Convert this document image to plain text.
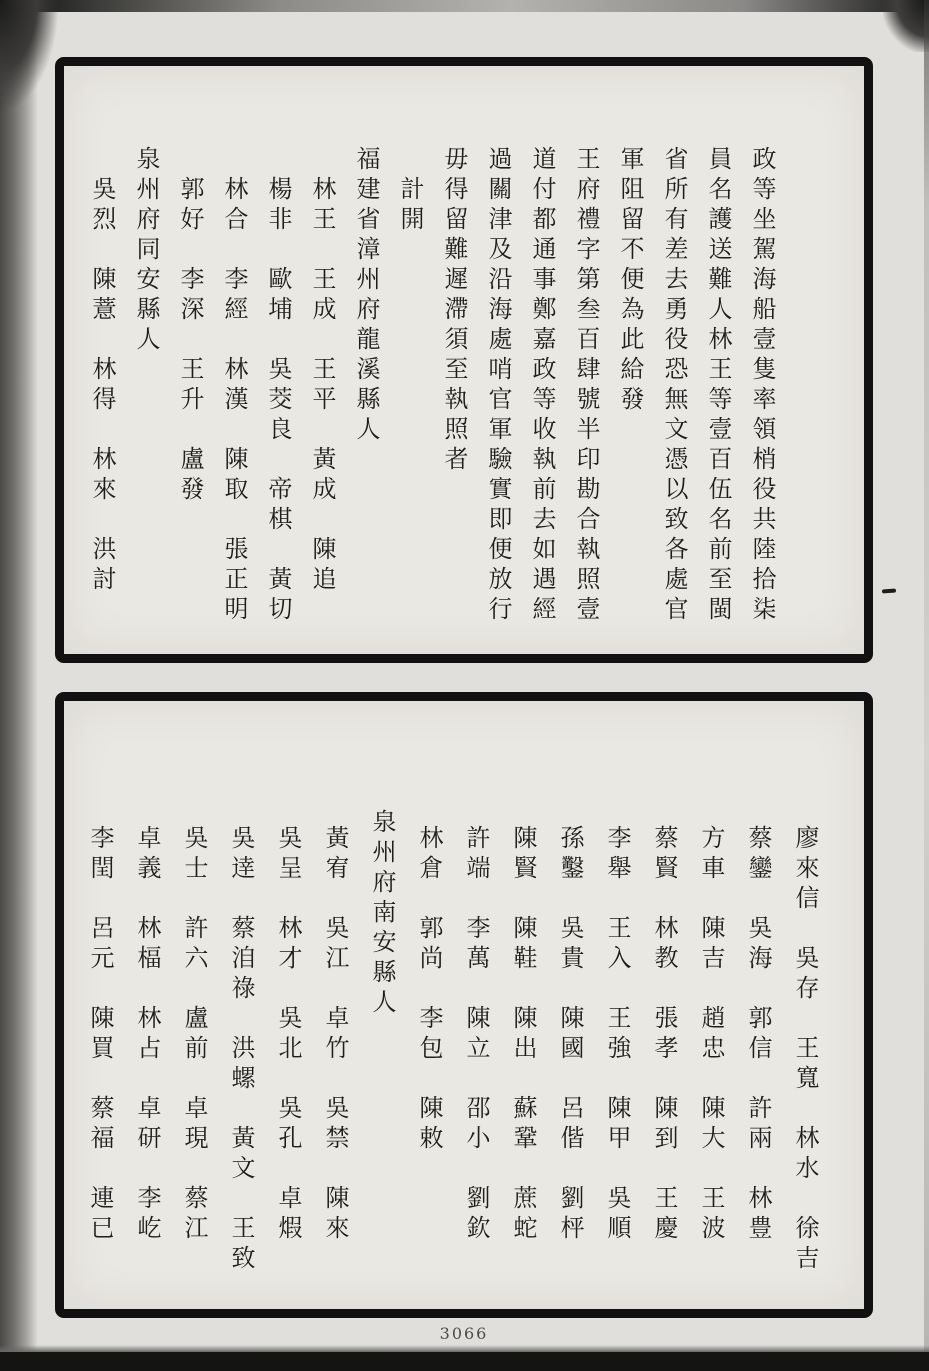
政等坐駕海船壹隻率領梢役共陸拾柒
員名護送難人林王等壹百伍名前至閩
省所有差去勇役恐無文憑以致各處官
軍阻留不便為此給發
王府禮字第叁百肆號半印勘合執照壹
道付都通事鄭嘉政等收執前去如遇經
過關津及沿海處哨官軍驗實即便放行
毋得留難遲滯須至執照者
計開
福建省漳州府龍溪縣人
林王　王成　王平　黃成　陳追
楊非　歐埔　吳茭良　帝棋　黃切
林合　李經　林漢　陳取　張正明
郭好　李深　王升　盧發
泉州府同安縣人
吳烈　陳薏　林得　林來　洪討
廖來信　吳存　王寬　林水　徐吉
蔡鑾　吳海　郭信　許兩　林豊
方車　陳吉　趙忠　陳大　王波
蔡賢　林教　張孝　陳到　王慶
李舉　王入　王強　陳甲　吳順
孫鑿　吳貴　陳國　呂偕　劉枰
陳賢　陳鞋　陳出　蘇鞏　蔗蛇
許端　李萬　陳立　邵小　劉欽
林倉　郭尚　李包　陳敕
泉州府南安縣人
黃宥　吳江　卓竹　吳禁　陳來
吳呈　林才　吳北　吳孔　卓煆
吳逹　蔡洎祿　洪螺　黃文　王致
吳士　許六　盧前　卓現　蔡江
卓義　林楅　林占　卓研　李屹
李閏　呂元　陳買　蔡福　連已
3066
